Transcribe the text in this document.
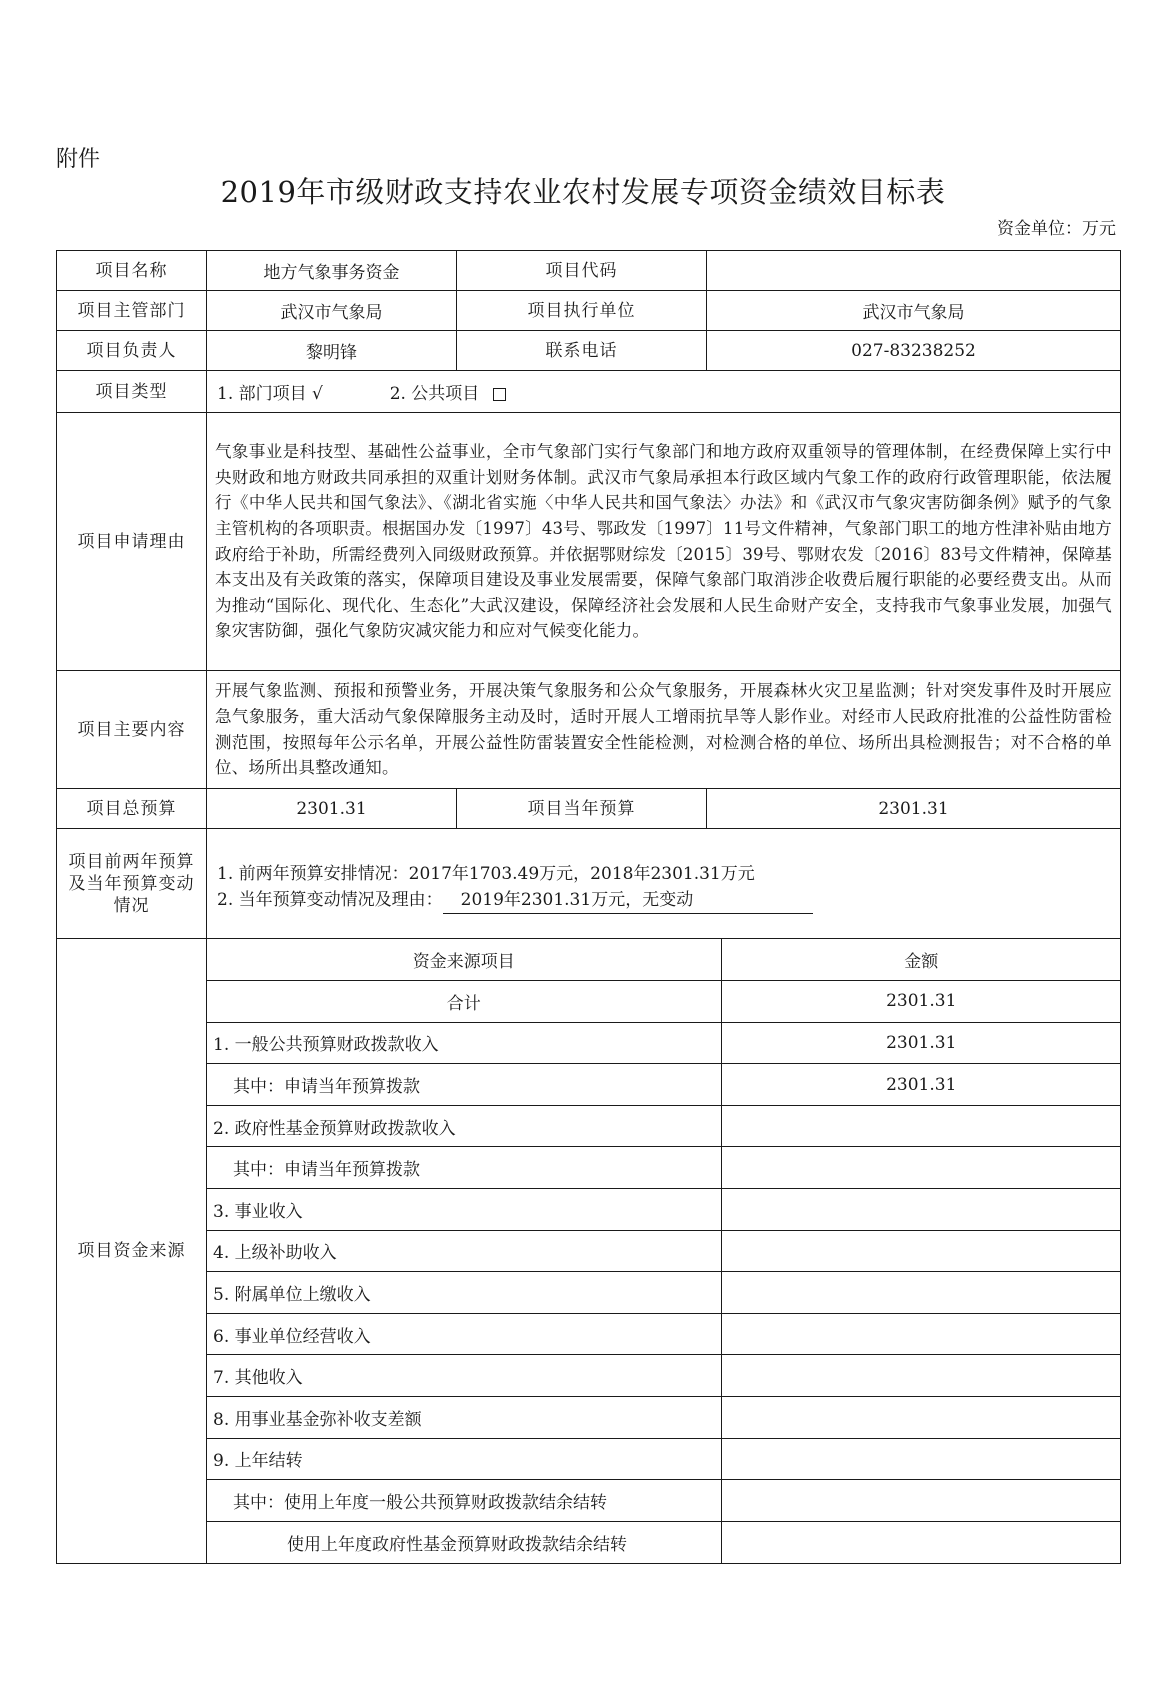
附件
2019年市级财政支持农业农村发展专项资金绩效目标表
资金单位：万元
项目名称	地方气象事务资金	项目代码	
项目主管部门	武汉市气象局	项目执行单位	武汉市气象局
项目负责人	黎明锋	联系电话	027-83238252
项目类型	1. 部门项目 √	2. 公共项目
项目申请理由	气象事业是科技型、基础性公益事业，全市气象部门实行气象部门和地方政府双重领导的管理体制，在经费保障上实行中央财政和地方财政共同承担的双重计划财务体制。武汉市气象局承担本行政区域内气象工作的政府行政管理职能，依法履行《中华人民共和国气象法》、《湖北省实施〈中华人民共和国气象法〉办法》和《武汉市气象灾害防御条例》赋予的气象主管机构的各项职责。根据国办发〔1997〕43号、鄂政发〔1997〕11号文件精神，气象部门职工的地方性津补贴由地方政府给于补助，所需经费列入同级财政预算。并依据鄂财综发〔2015〕39号、鄂财农发〔2016〕83号文件精神，保障基本支出及有关政策的落实，保障项目建设及事业发展需要，保障气象部门取消涉企收费后履行职能的必要经费支出。从而为推动“国际化、现代化、生态化”大武汉建设，保障经济社会发展和人民生命财产安全，支持我市气象事业发展，加强气象灾害防御，强化气象防灾减灾能力和应对气候变化能力。
项目主要内容	开展气象监测、预报和预警业务，开展决策气象服务和公众气象服务，开展森林火灾卫星监测；针对突发事件及时开展应急气象服务，重大活动气象保障服务主动及时，适时开展人工增雨抗旱等人影作业。对经市人民政府批准的公益性防雷检测范围，按照每年公示名单，开展公益性防雷装置安全性能检测，对检测合格的单位、场所出具检测报告；对不合格的单位、场所出具整改通知。
项目总预算	2301.31	项目当年预算	2301.31
项目前两年预算及当年预算变动情况	
1. 前两年预算安排情况：2017年1703.49万元，2018年2301.31万元
2. 当年预算变动情况及理由： 2019年2301.31万元，无变动

项目资金来源	
资金来源项目	金额
合计	2301.31
1. 一般公共预算财政拨款收入	2301.31
其中：申请当年预算拨款	2301.31
2. 政府性基金预算财政拨款收入	
其中：申请当年预算拨款	
3. 事业收入	
4. 上级补助收入	
5. 附属单位上缴收入	
6. 事业单位经营收入	
7. 其他收入	
8. 用事业基金弥补收支差额	
9. 上年结转	
其中：使用上年度一般公共预算财政拨款结余结转	
使用上年度政府性基金预算财政拨款结余结转	
